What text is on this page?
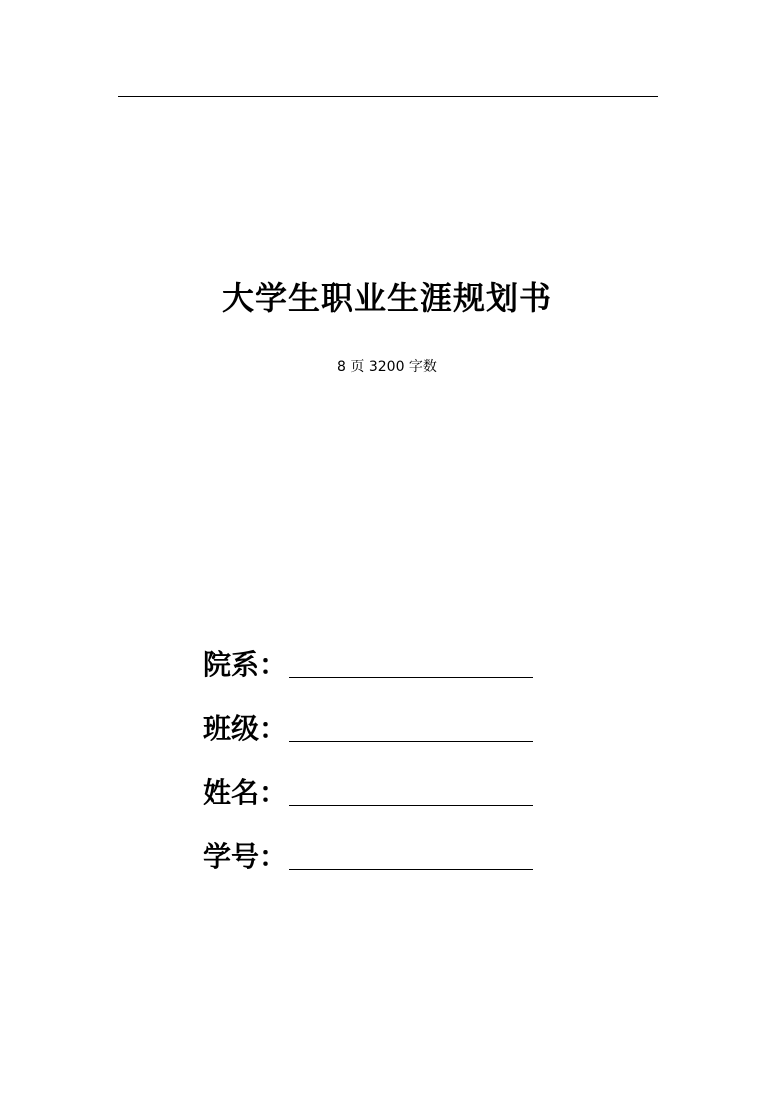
大学生职业生涯规划书
8 页 3200 字数
院系：
班级：
姓名：
学号：
